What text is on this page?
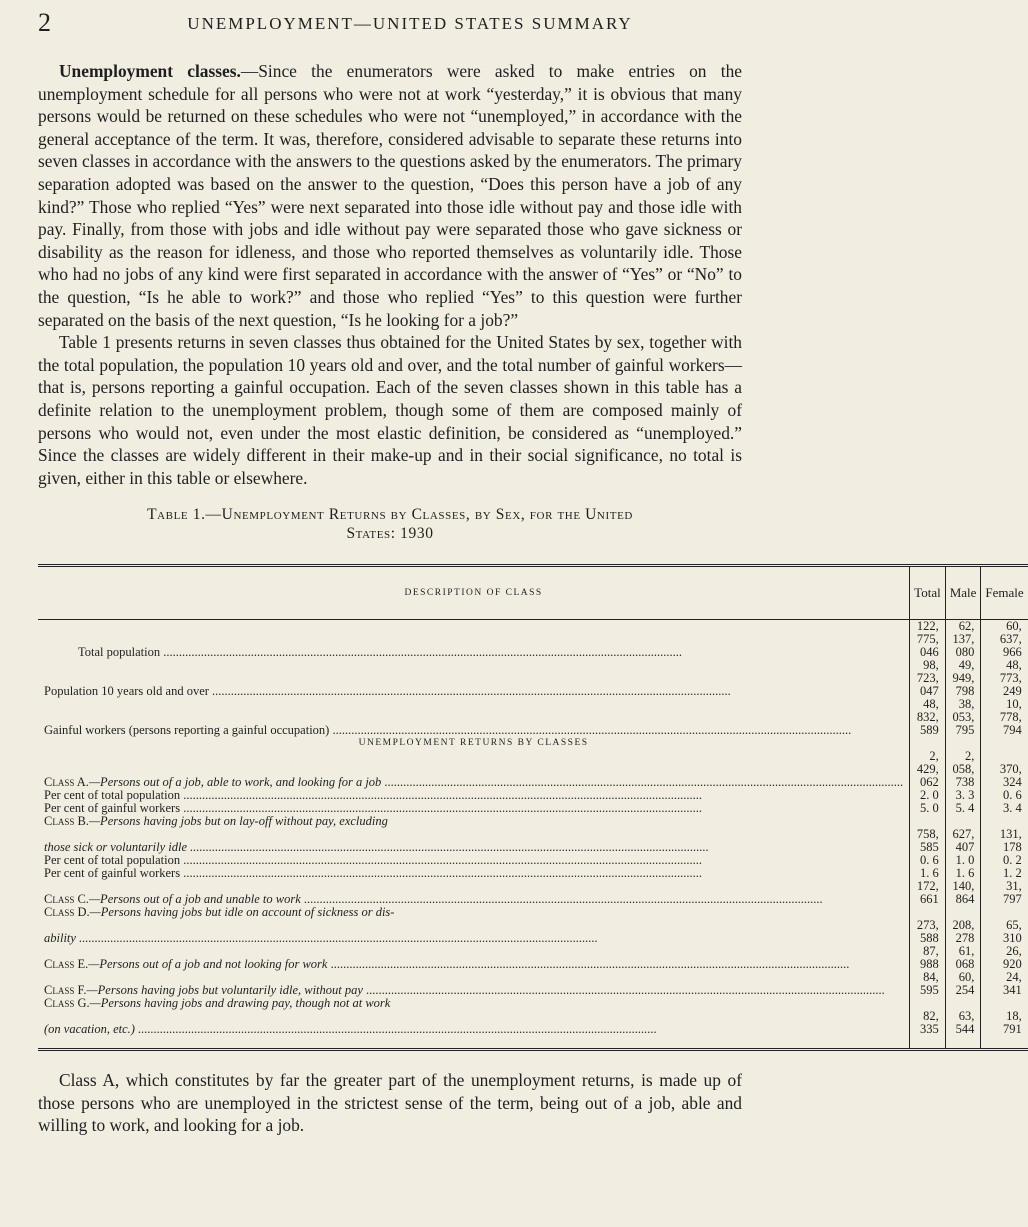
2	UNEMPLOYMENT—UNITED STATES SUMMARY

Unemployment classes.—Since the enumerators were asked to make entries on the unemployment schedule for all persons who were not at work “yesterday,” it is obvious that many persons would be returned on these schedules who were not “unemployed,” in accordance with the general acceptance of the term. It was, therefore, considered advisable to separate these returns into seven classes in accordance with the answers to the questions asked by the enumerators. The primary separation adopted was based on the answer to the question, “Does this person have a job of any kind?” Those who replied “Yes” were next separated into those idle without pay and those idle with pay. Finally, from those with jobs and idle without pay were separated those who gave sickness or disability as the reason for idleness, and those who reported themselves as voluntarily idle. Those who had no jobs of any kind were first separated in accordance with the answer of “Yes” or “No” to the question, “Is he able to work?” and those who replied “Yes” to this question were further separated on the basis of the next question, “Is he looking for a job?”

Table 1 presents returns in seven classes thus obtained for the United States by sex, together with the total population, the population 10 years old and over, and the total number of gainful workers—that is, persons reporting a gainful occupation. Each of the seven classes shown in this table has a definite relation to the unemployment problem, though some of them are composed mainly of persons who would not, even under the most elastic definition, be considered as “unemployed.” Since the classes are widely different in their make-up and in their social significance, no total is given, either in this table or elsewhere.

Table 1.—Unemployment Returns by Classes, by Sex, for the United
States: 1930
DESCRIPTION OF CLASS	Total	Male	Female
Total population .....	122, 775, 046	62, 137, 080	60, 637, 966
Population 10 years old and over .....	98, 723, 047	49, 949, 798	48, 773, 249
Gainful workers (persons reporting a gainful occupation) .....	48, 832, 589	38, 053, 795	10, 778, 794
UNEMPLOYMENT RETURNS BY CLASSES			
Class A.—Persons out of a job, able to work, and looking for a job .....	2, 429, 062	2, 058, 738	370, 324
Per cent of total population .....	2. 0	3. 3	0. 6
Per cent of gainful workers .....	5. 0	5. 4	3. 4
Class B.—Persons having jobs but on lay-off without pay, excluding			
those sick or voluntarily idle .....	758, 585	627, 407	131, 178
Per cent of total population .....	0. 6	1. 0	0. 2
Per cent of gainful workers .....	1. 6	1. 6	1. 2
Class C.—Persons out of a job and unable to work .....	172, 661	140, 864	31, 797
Class D.—Persons having jobs but idle on account of sickness or dis-			
ability .....	273, 588	208, 278	65, 310
Class E.—Persons out of a job and not looking for work .....	87, 988	61, 068	26, 920
Class F.—Persons having jobs but voluntarily idle, without pay .....	84, 595	60, 254	24, 341
Class G.—Persons having jobs and drawing pay, though not at work			
(on vacation, etc.) .....	82, 335	63, 544	18, 791

Class A, which constitutes by far the greater part of the unemployment returns, is made up of those persons who are unemployed in the strictest sense of the term, being out of a job, able and willing to work, and looking for a job.
